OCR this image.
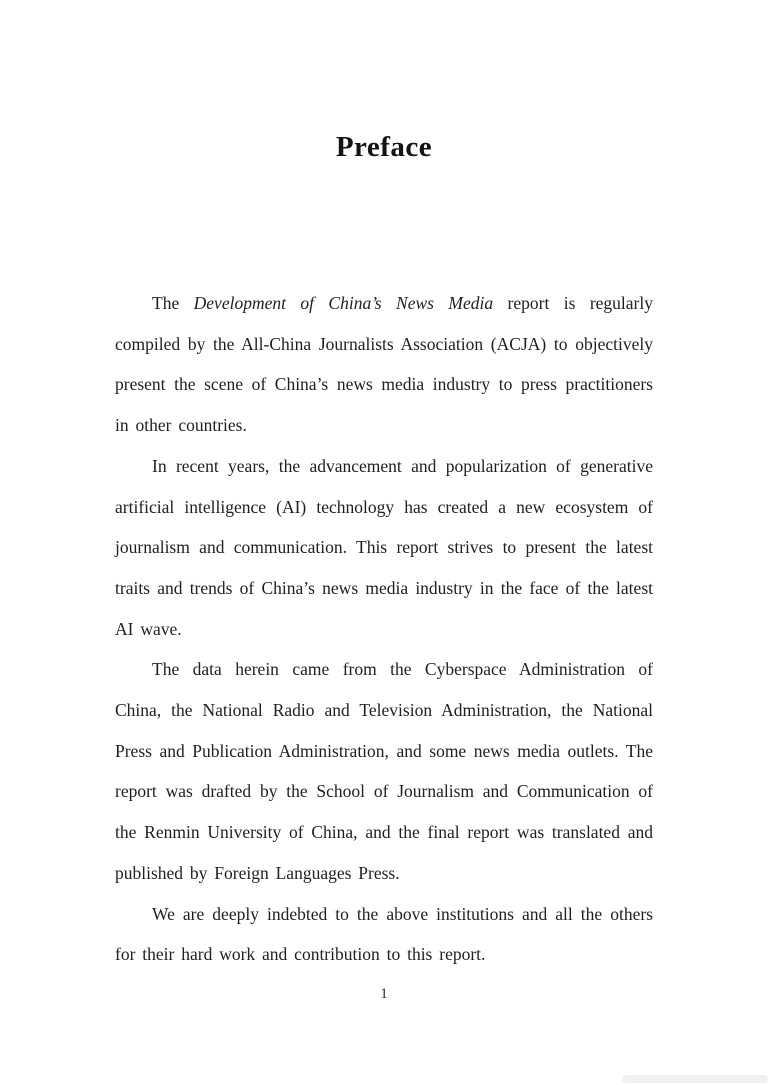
Preface

The Development of China’s News Media report is regularly compiled by the All-China Journalists Association (ACJA) to objectively present the scene of China’s news media industry to press practitioners in other countries.

In recent years, the advancement and popularization of generative artificial intelligence (AI) technology has created a new ecosystem of journalism and communication. This report strives to present the latest traits and trends of China’s news media industry in the face of the latest AI wave.

The data herein came from the Cyberspace Administration of China, the National Radio and Television Administration, the National Press and Publication Administration, and some news media outlets. The report was drafted by the School of Journalism and Communication of the Renmin University of China, and the final report was translated and published by Foreign Languages Press.

We are deeply indebted to the above institutions and all the others for their hard work and contribution to this report.

1
